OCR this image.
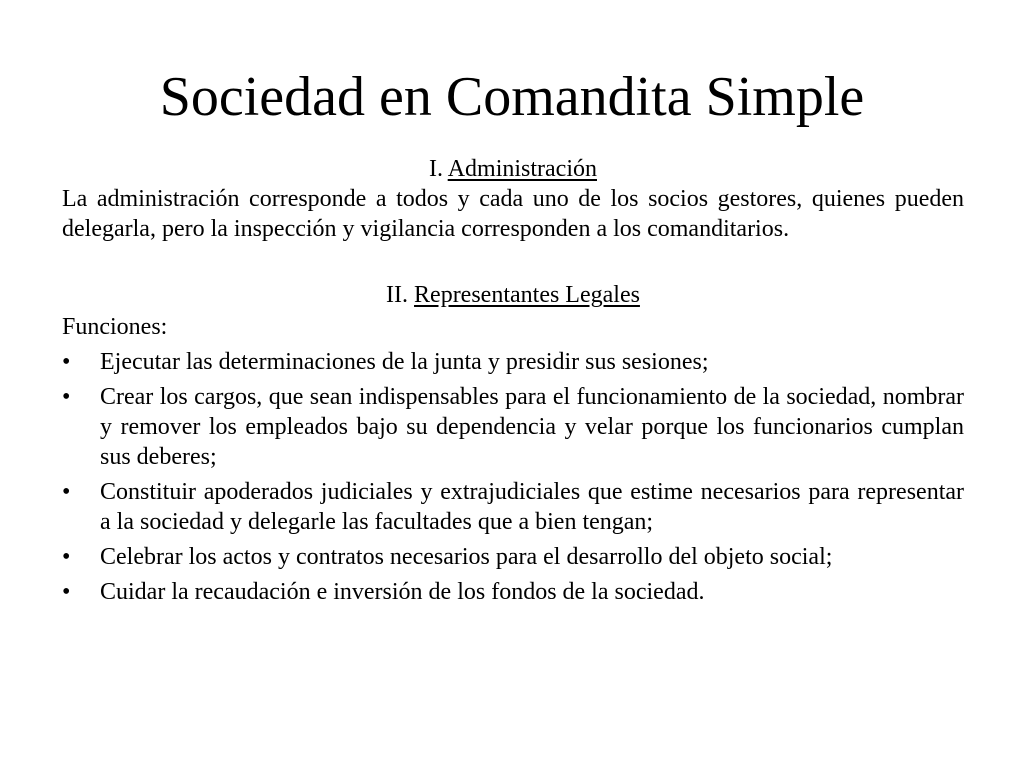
Sociedad en Comandita Simple

I. Administración

La administración corresponde a todos y cada uno de los socios gestores, quienes pueden delegarla, pero la inspección y vigilancia corresponden a los comanditarios.

II. Representantes Legales

Funciones:

•	Ejecutar las determinaciones de la junta y presidir sus sesiones;
•	Crear los cargos, que sean indispensables para el funcionamiento de la sociedad, nombrar y remover los empleados bajo su dependencia y velar porque los funcionarios cumplan sus deberes;
•	Constituir apoderados judiciales y extrajudiciales que estime necesarios para representar a la sociedad y delegarle las facultades que a bien tengan;
•	Celebrar los actos y contratos necesarios para el desarrollo del objeto social;
•	Cuidar la recaudación e inversión de los fondos de la sociedad.
